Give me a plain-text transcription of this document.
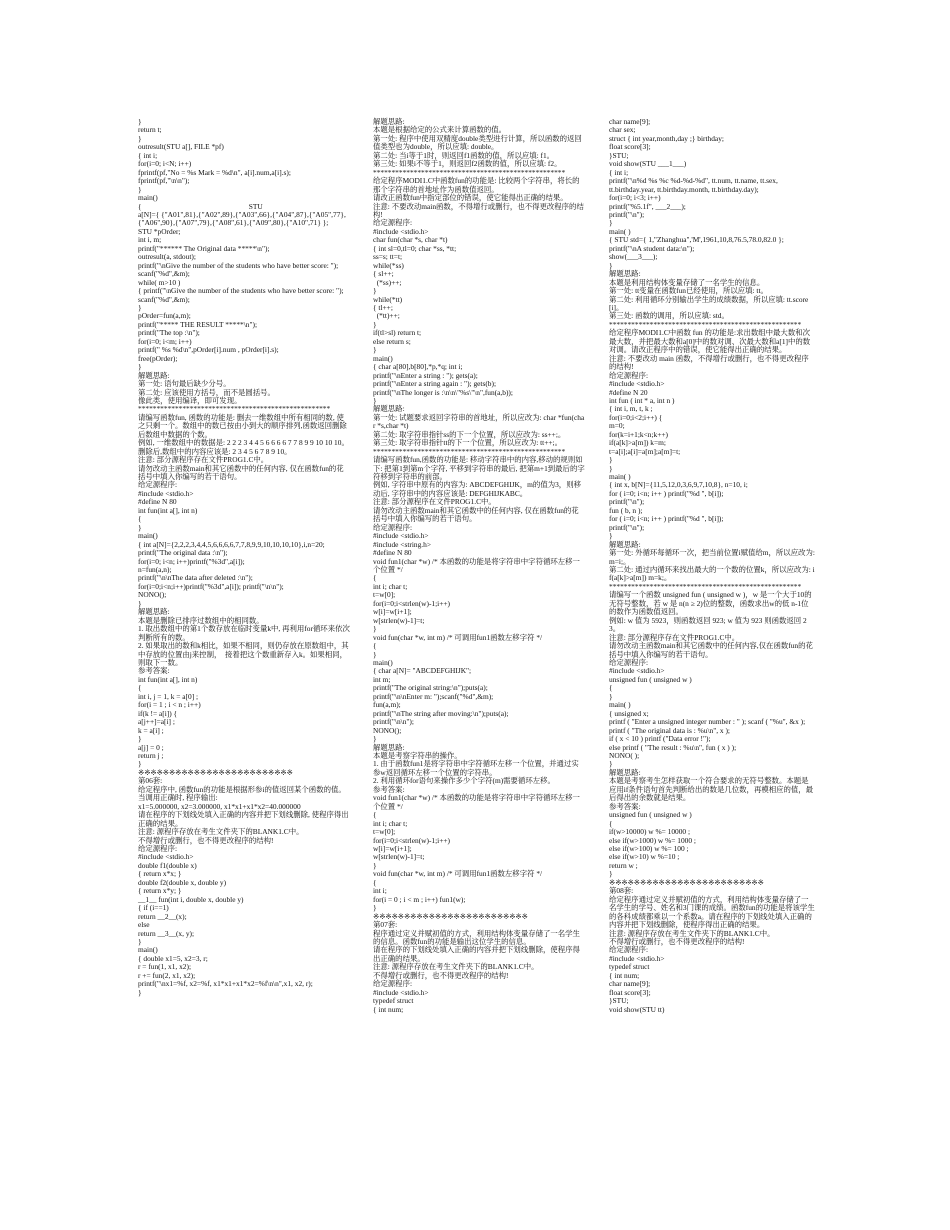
}
return t;
}
outresult(STU a[], FILE *pf)
{ int i;
for(i=0; i<N; i++)
fprintf(pf,"No = %s Mark = %d\n", a[i].num,a[i].s);
fprintf(pf,"\n\n");
}
main()
{                                                          STU
a[N]={ {"A01",81},{"A02",89},{"A03",66},{"A04",87},{"A05",77},
{"A06",90},{"A07",79},{"A08",61},{"A09",80},{"A10",71} };
STU *pOrder;
int i, m;
printf("****** The Original data *****\n");
outresult(a, stdout);
printf("\nGive the number of the students who have better score: ");
scanf("%d",&m);
while( m>10 )
{ printf("\nGive the number of the students who have better score: ");
scanf("%d",&m);
}
pOrder=fun(a,m);
printf("***** THE RESULT *****\n");
printf("The top :\n");
for(i=0; i<m; i++)
printf(" %s %d\n",pOrder[i].num , pOrder[i].s);
free(pOrder);
}
解题思路:
第一处: 语句最后缺少分号。
第二处: 应该使用方括号，而不是圆括号。
像此类，使用编译，即可发现。
****************************************************
请编写函数fun, 函数的功能是: 删去一维数组中所有相同的数, 使之只剩一个。数组中的数已按由小到大的顺序排列,函数返回删除后数组中数据的个数。
例如, 一维数组中的数据是: 2 2 2 3 4 4 5 6 6 6 6 7 7 8 9 9 10 10 10。
删除后,数组中的内容应该是: 2 3 4 5 6 7 8 9 10。
注意: 部分源程序存在文件PROG1.C中。
请勿改动主函数main和其它函数中的任何内容, 仅在函数fun的花括号中填入你编写的若干语句。
给定源程序:
#include <stdio.h>
#define N 80
int fun(int a[], int n)
{
}
main()
{ int a[N]={2,2,2,3,4,4,5,6,6,6,6,7,7,8,9,9,10,10,10,10},i,n=20;
printf("The original data :\n");
for(i=0; i<n; i++)printf("%3d",a[i]);
n=fun(a,n);
printf("\n\nThe data after deleted :\n");
for(i=0;i<n;i++)printf("%3d",a[i]); printf("\n\n");
NONO();
}
解题思路:
本题是删除已排序过数组中的相同数。
1. 取出数组中的第1个数存放在临时变量k中, 再利用for循环来依次判断所有的数。
2. 如果取出的数和k相比，如果不相同，则仍存放在原数组中，其中存放的位置由j来控制，  接着把这个数重新存入k。如果相同，则取下一数。
参考答案:
int fun(int a[], int n)
{
int i, j = 1, k = a[0] ;
for(i = 1 ; i < n ; i++)
if(k != a[i]) {
a[j++]=a[i] ;
k = a[i] ;
}
a[j] = 0 ;
return j ;
}
※※※※※※※※※※※※※※※※※※※※※※※※※
第06套:
给定程序中, 函数fun的功能是根据形参i的值返回某个函数的值。当调用正确时, 程序输出:
x1=5.000000, x2=3.000000, x1*x1+x1*x2=40.000000
请在程序的下划线处填入正确的内容并把下划线删除, 使程序得出正确的结果。
注意: 源程序存放在考生文件夹下的BLANK1.C中。
不得增行或删行，也不得更改程序的结构!
给定源程序:
#include <stdio.h>
double f1(double x)
{ return x*x; }
double f2(double x, double y)
{ return x*y; }
__1__ fun(int i, double x, double y)
{ if (i==1)
return __2__(x);
else
return __3__(x, y);
}
main()
{ double x1=5, x2=3, r;
r = fun(1, x1, x2);
r += fun(2, x1, x2);
printf("\nx1=%f, x2=%f, x1*x1+x1*x2=%f\n\n",x1, x2, r);
}
解题思路:
本题是根据给定的公式来计算函数的值。
第一处: 程序中使用双精度double类型进行计算，所以函数的返回值类型也为double，所以应填: double。
第二处: 当i等于1时，则返回f1函数的值，所以应填: f1。
第三处: 如果i不等于1，则返回f2函数的值，所以应填: f2。
****************************************************
给定程序MODI1.C中函数fun的功能是: 比较两个字符串，将长的那个字符串的首地址作为函数值返回。
请改正函数fun中指定部位的错误，使它能得出正确的结果。
注意: 不要改动main函数，不得增行或删行，也不得更改程序的结构!
给定源程序:
#include <stdio.h>
char fun(char *s, char *t)
{ int sl=0,tl=0; char *ss, *tt;
ss=s; tt=t;
while(*ss)
{ sl++;
(*ss)++;
}
while(*tt)
{ tl++;
(*tt)++;
}
if(tl>sl) return t;
else return s;
}
main()
{ char a[80],b[80],*p,*q; int i;
printf("\nEnter a string : "); gets(a);
printf("\nEnter a string again : "); gets(b);
printf("\nThe longer is :\n\n\"%s\"\n",fun(a,b));
}
解题思路:
第一处: 试题要求返回字符串的首地址，所以应改为: char *fun(char *s,char *t)
第二处: 取字符串指针ss的下一个位置，所以应改为: ss++;。
第三处: 取字符串指针tt的下一个位置，所以应改为: tt++;。
****************************************************
请编写函数fun,函数的功能是: 移动字符串中的内容,移动的规则如下: 把第1到第m个字符, 平移到字符串的最后, 把第m+1到最后的字符移到字符串的前部。
例如, 字符串中原有的内容为: ABCDEFGHIJK，m的值为3，则移动后, 字符串中的内容应该是: DEFGHIJKABC。
注意: 部分源程序在文件PROG1.C中。
请勿改动主函数main和其它函数中的任何内容, 仅在函数fun的花括号中填入你编写的若干语句。
给定源程序:
#include <stdio.h>
#include <string.h>
#define N 80
void fun1(char *w) /* 本函数的功能是将字符串中字符循环左移一个位置 */
{
int i; char t;
t=w[0];
for(i=0;i<strlen(w)-1;i++)
w[i]=w[i+1];
w[strlen(w)-1]=t;
}
void fun(char *w, int m) /* 可调用fun1函数左移字符 */
{
}
main()
{ char a[N]= "ABCDEFGHIJK";
int m;
printf("The original string:\n");puts(a);
printf("\n\nEnter m: ");scanf("%d",&m);
fun(a,m);
printf("\nThe string after moving:\n");puts(a);
printf("\n\n");
NONO();
}
解题思路:
本题是考察字符串的操作。
1. 由于函数fun1是将字符串中字符循环左移一个位置，并通过实参w返回循环左移一个位置的字符串。
2. 利用循环for语句来操作多少个字符(m)需要循环左移。
参考答案:
void fun1(char *w) /* 本函数的功能是将字符串中字符循环左移一个位置 */
{
int i; char t;
t=w[0];
for(i=0;i<strlen(w)-1;i++)
w[i]=w[i+1];
w[strlen(w)-1]=t;
}
void fun(char *w, int m) /* 可调用fun1函数左移字符 */
{
int i;
for(i = 0 ; i < m ; i++) fun1(w);
}
※※※※※※※※※※※※※※※※※※※※※※※※※
第07套:
程序通过定义并赋初值的方式，利用结构体变量存储了一名学生的信息。函数fun的功能是输出这位学生的信息。
请在程序的下划线处填入正确的内容并把下划线删除，使程序得出正确的结果。
注意: 源程序存放在考生文件夹下的BLANK1.C中。
不得增行或删行，也不得更改程序的结构!
给定源程序:
#include <stdio.h>
typedef struct
{ int num;
char name[9];
char sex;
struct { int year,month,day ;} birthday;
float score[3];
}STU;
void show(STU ___1___)
{ int i;
printf("\n%d %s %c %d-%d-%d", tt.num, tt.name, tt.sex,
tt.birthday.year, tt.birthday.month, tt.birthday.day);
for(i=0; i<3; i++)
printf("%5.1f", ___2___);
printf("\n");
}
main( )
{ STU std={ 1,"Zhanghua",'M',1961,10,8,76.5,78.0,82.0 };
printf("\nA student data:\n");
show(___3___);
}
解题思路:
本题是利用结构体变量存储了一名学生的信息。
第一处: tt变量在函数fun已经使用，所以应填: tt。
第二处: 利用循环分别输出学生的成绩数据，所以应填: tt.score[i]。
第三处: 函数的调用，所以应填: std。
****************************************************
给定程序MODI1.C中函数 fun 的功能是:求出数组中最大数和次最大数，并把最大数和a[0]中的数对调、次最大数和a[1]中的数对调。请改正程序中的错误，使它能得出正确的结果。
注意: 不要改动 main 函数，不得增行或删行，也不得更改程序的结构!
给定源程序:
#include <stdio.h>
#define N 20
int fun ( int * a, int n )
{ int i, m, t, k ;
for(i=0;i<2;i++) {
m=0;
for(k=i+1;k<n;k++)
if(a[k]>a[m]) k=m;
t=a[i];a[i]=a[m];a[m]=t;
}
}
main( )
{ int x, b[N]={11,5,12,0,3,6,9,7,10,8}, n=10, i;
for ( i=0; i<n; i++ ) printf("%d ", b[i]);
printf("\n");
fun ( b, n );
for ( i=0; i<n; i++ ) printf("%d ", b[i]);
printf("\n");
}
解题思路:
第一处: 外循环每循环一次，把当前位置i赋值给m，所以应改为: m=i;。
第二处: 通过内循环来找出最大的一个数的位置k，所以应改为: if(a[k]>a[m]) m=k;。
****************************************************
请编写一个函数 unsigned fun ( unsigned w )，w 是一个大于10的无符号整数，若 w 是 n(n ≥ 2)位的整数，函数求出w的低 n-1位的数作为函数值返回。
例如: w 值为 5923，则函数返回 923; w 值为 923 则函数返回 23。
注意: 部分源程序存在文件PROG1.C中。
请勿改动主函数main和其它函数中的任何内容,仅在函数fun的花括号中填入你编写的若干语句。
给定源程序:
#include <stdio.h>
unsigned fun ( unsigned w )
{
}
main( )
{ unsigned x;
printf ( "Enter a unsigned integer number : " ); scanf ( "%u", &x );
printf ( "The original data is : %u\n", x );
if ( x < 10 ) printf ("Data error !");
else printf ( "The result : %u\n", fun ( x ) );
NONO( );
}
解题思路:
本题是考察考生怎样获取一个符合要求的无符号整数。本题是应用if条件语句首先判断给出的数是几位数，再模相应的值，最后得出的余数就是结果。
参考答案:
unsigned fun ( unsigned w )
{
if(w>10000) w %= 10000 ;
else if(w>1000) w %= 1000 ;
else if(w>100) w %= 100 ;
else if(w>10) w %=10 ;
return w ;
}
※※※※※※※※※※※※※※※※※※※※※※※※※
第08套:
给定程序通过定义并赋初值的方式，利用结构体变量存储了一名学生的学号、姓名和3门课的成绩。函数fun的功能是将该学生的各科成绩都乘以一个系数a。请在程序的下划线处填入正确的内容并把下划线删除，使程序得出正确的结果。
注意: 源程序存放在考生文件夹下的BLANK1.C中。
不得增行或删行，也不得更改程序的结构!
给定源程序:
#include <stdio.h>
typedef struct
{ int num;
char name[9];
float score[3];
}STU;
void show(STU tt)
